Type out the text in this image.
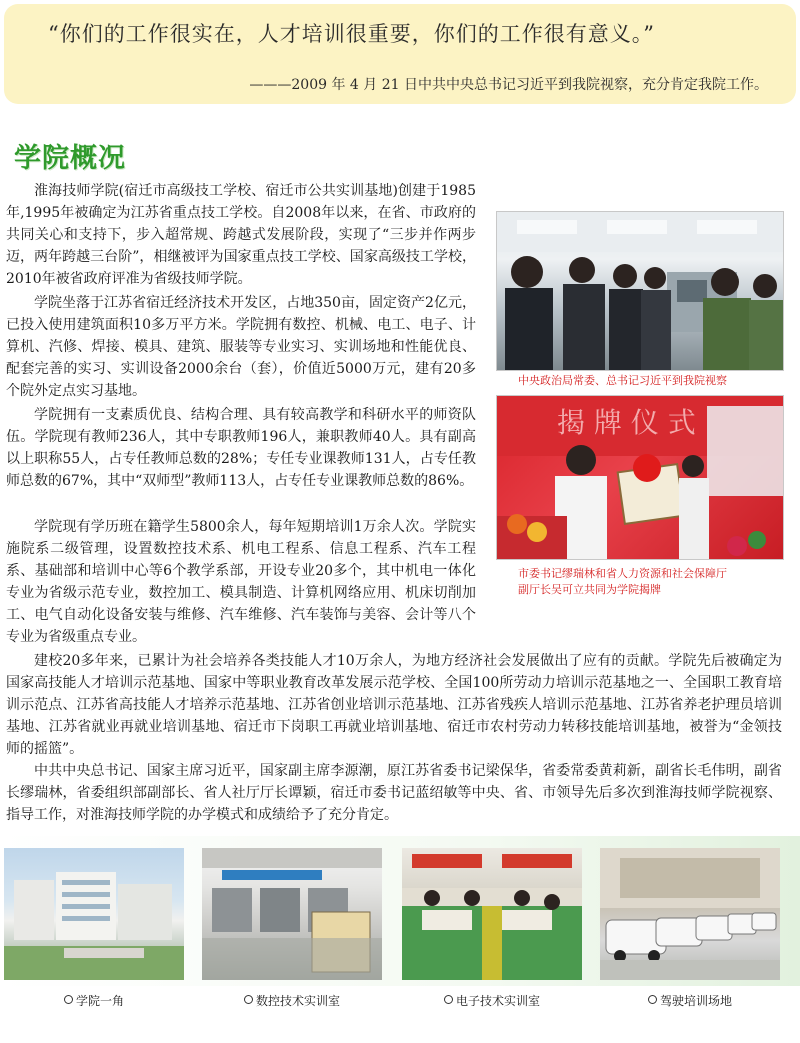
“你们的工作很实在，人才培训很重要，你们的工作很有意义。”
———2009 年 4 月 21 日中共中央总书记习近平到我院视察，充分肯定我院工作。
学院概况

淮海技师学院(宿迁市高级技工学校、宿迁市公共实训基地)创建于1985年,1995年被确定为江苏省重点技工学校。自2008年以来，在省、市政府的共同关心和支持下，步入超常规、跨越式发展阶段，实现了“三步并作两步迈，两年跨越三台阶”，相继被评为国家重点技工学校、国家高级技工学校，2010年被省政府评准为省级技师学院。

学院坐落于江苏省宿迁经济技术开发区，占地350亩，固定资产2亿元，已投入使用建筑面积10多万平方米。学院拥有数控、机械、电工、电子、计算机、汽修、焊接、模具、建筑、服装等专业实习、实训场地和性能优良、配套完善的实习、实训设备2000余台（套），价值近5000万元，建有20多个院外定点实习基地。

学院拥有一支素质优良、结构合理、具有较高教学和科研水平的师资队伍。学院现有教师236人，其中专职教师196人，兼职教师40人。具有副高以上职称55人，占专任教师总数的28%；专任专业课教师131人，占专任教师总数的67%，其中“双师型”教师113人，占专任专业课教师总数的86%。

学院现有学历班在籍学生5800余人，每年短期培训1万余人次。学院实施院系二级管理，设置数控技术系、机电工程系、信息工程系、汽车工程系、基础部和培训中心等6个教学系部，开设专业20多个，其中机电一体化专业为省级示范专业，数控加工、模具制造、计算机网络应用、机床切削加工、电气自动化设备安装与维修、汽车维修、汽车装饰与美容、会计等八个专业为省级重点专业。

建校20多年来，已累计为社会培养各类技能人才10万余人，为地方经济社会发展做出了应有的贡献。学院先后被确定为国家高技能人才培训示范基地、国家中等职业教育改革发展示范学校、全国100所劳动力培训示范基地之一、全国职工教育培训示范点、江苏省高技能人才培养示范基地、江苏省创业培训示范基地、江苏省残疾人培训示范基地、江苏省养老护理员培训基地、江苏省就业再就业培训基地、宿迁市下岗职工再就业培训基地、宿迁市农村劳动力转移技能培训基地，被誉为“金领技师的摇篮”。

中共中央总书记、国家主席习近平，国家副主席李源潮，原江苏省委书记梁保华，省委常委黄莉新，副省长毛伟明，副省长缪瑞林，省委组织部副部长、省人社厅厅长谭颖，宿迁市委书记蓝绍敏等中央、省、市领导先后多次到淮海技师学院视察、指导工作，对淮海技师学院的办学模式和成绩给予了充分肯定。

中央政治局常委、总书记习近平到我院视察
揭 牌 仪 式
市委书记缪瑞林和省人力资源和社会保障厅
副厅长吴可立共同为学院揭牌
学院一角	数控技术实训室	电子技术实训室	驾驶培训场地
